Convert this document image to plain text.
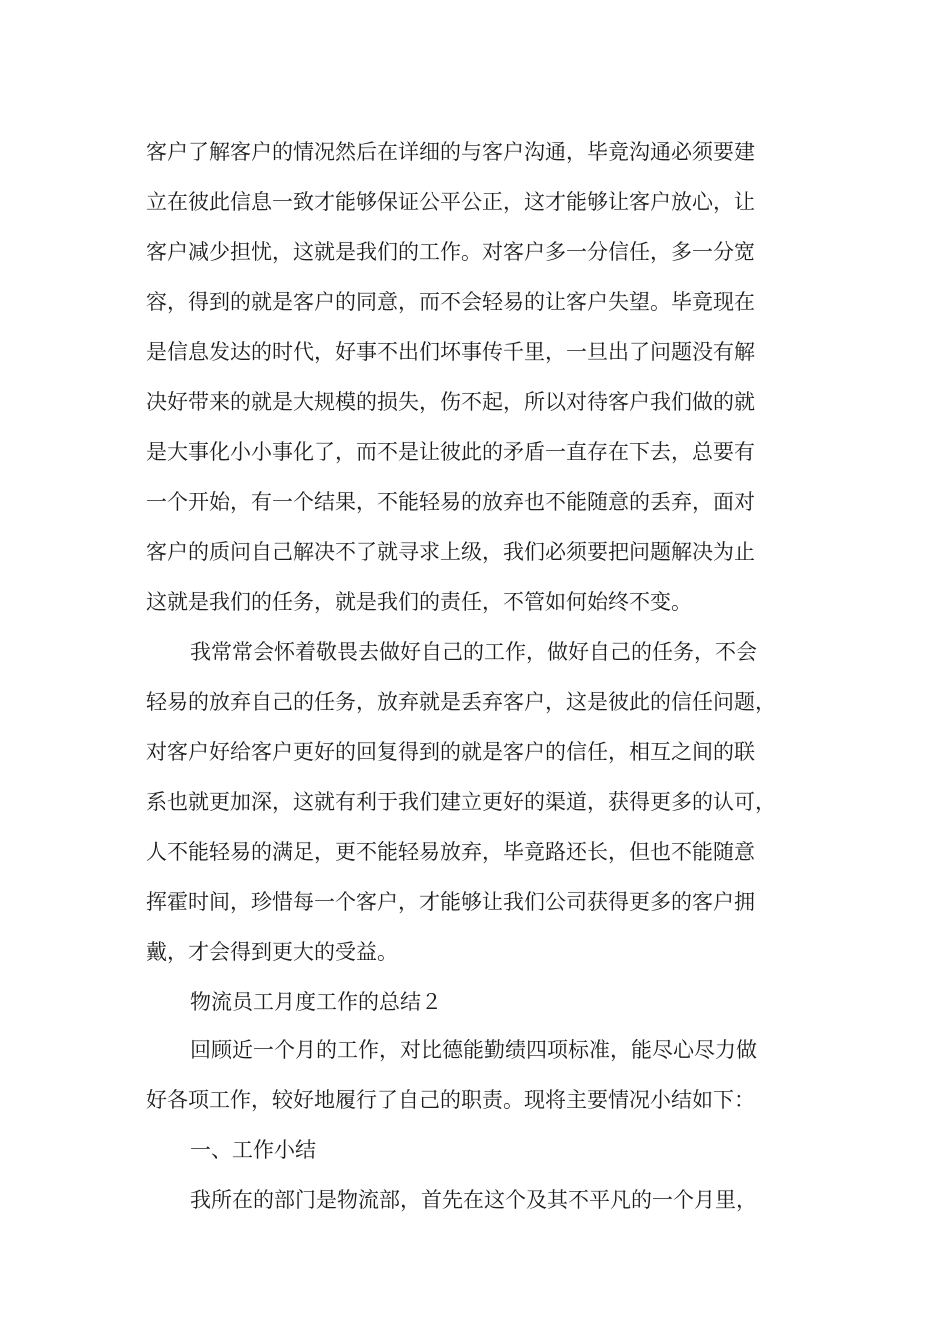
客户了解客户的情况然后在详细的与客户沟通，毕竟沟通必须要建
立在彼此信息一致才能够保证公平公正，这才能够让客户放心，让
客户减少担忧，这就是我们的工作。对客户多一分信任，多一分宽
容，得到的就是客户的同意，而不会轻易的让客户失望。毕竟现在
是信息发达的时代，好事不出们坏事传千里，一旦出了问题没有解
决好带来的就是大规模的损失，伤不起，所以对待客户我们做的就
是大事化小小事化了，而不是让彼此的矛盾一直存在下去，总要有
一个开始，有一个结果，不能轻易的放弃也不能随意的丢弃，面对
客户的质问自己解决不了就寻求上级，我们必须要把问题解决为止
这就是我们的任务，就是我们的责任，不管如何始终不变。
我常常会怀着敬畏去做好自己的工作，做好自己的任务，不会
轻易的放弃自己的任务，放弃就是丢弃客户，这是彼此的信任问题，
对客户好给客户更好的回复得到的就是客户的信任，相互之间的联
系也就更加深，这就有利于我们建立更好的渠道，获得更多的认可，
人不能轻易的满足，更不能轻易放弃，毕竟路还长，但也不能随意
挥霍时间，珍惜每一个客户，才能够让我们公司获得更多的客户拥
戴，才会得到更大的受益。
物流员工月度工作的总结２
回顾近一个月的工作，对比德能勤绩四项标准，能尽心尽力做
好各项工作，较好地履行了自己的职责。现将主要情况小结如下：
一、工作小结
我所在的部门是物流部，首先在这个及其不平凡的一个月里，
